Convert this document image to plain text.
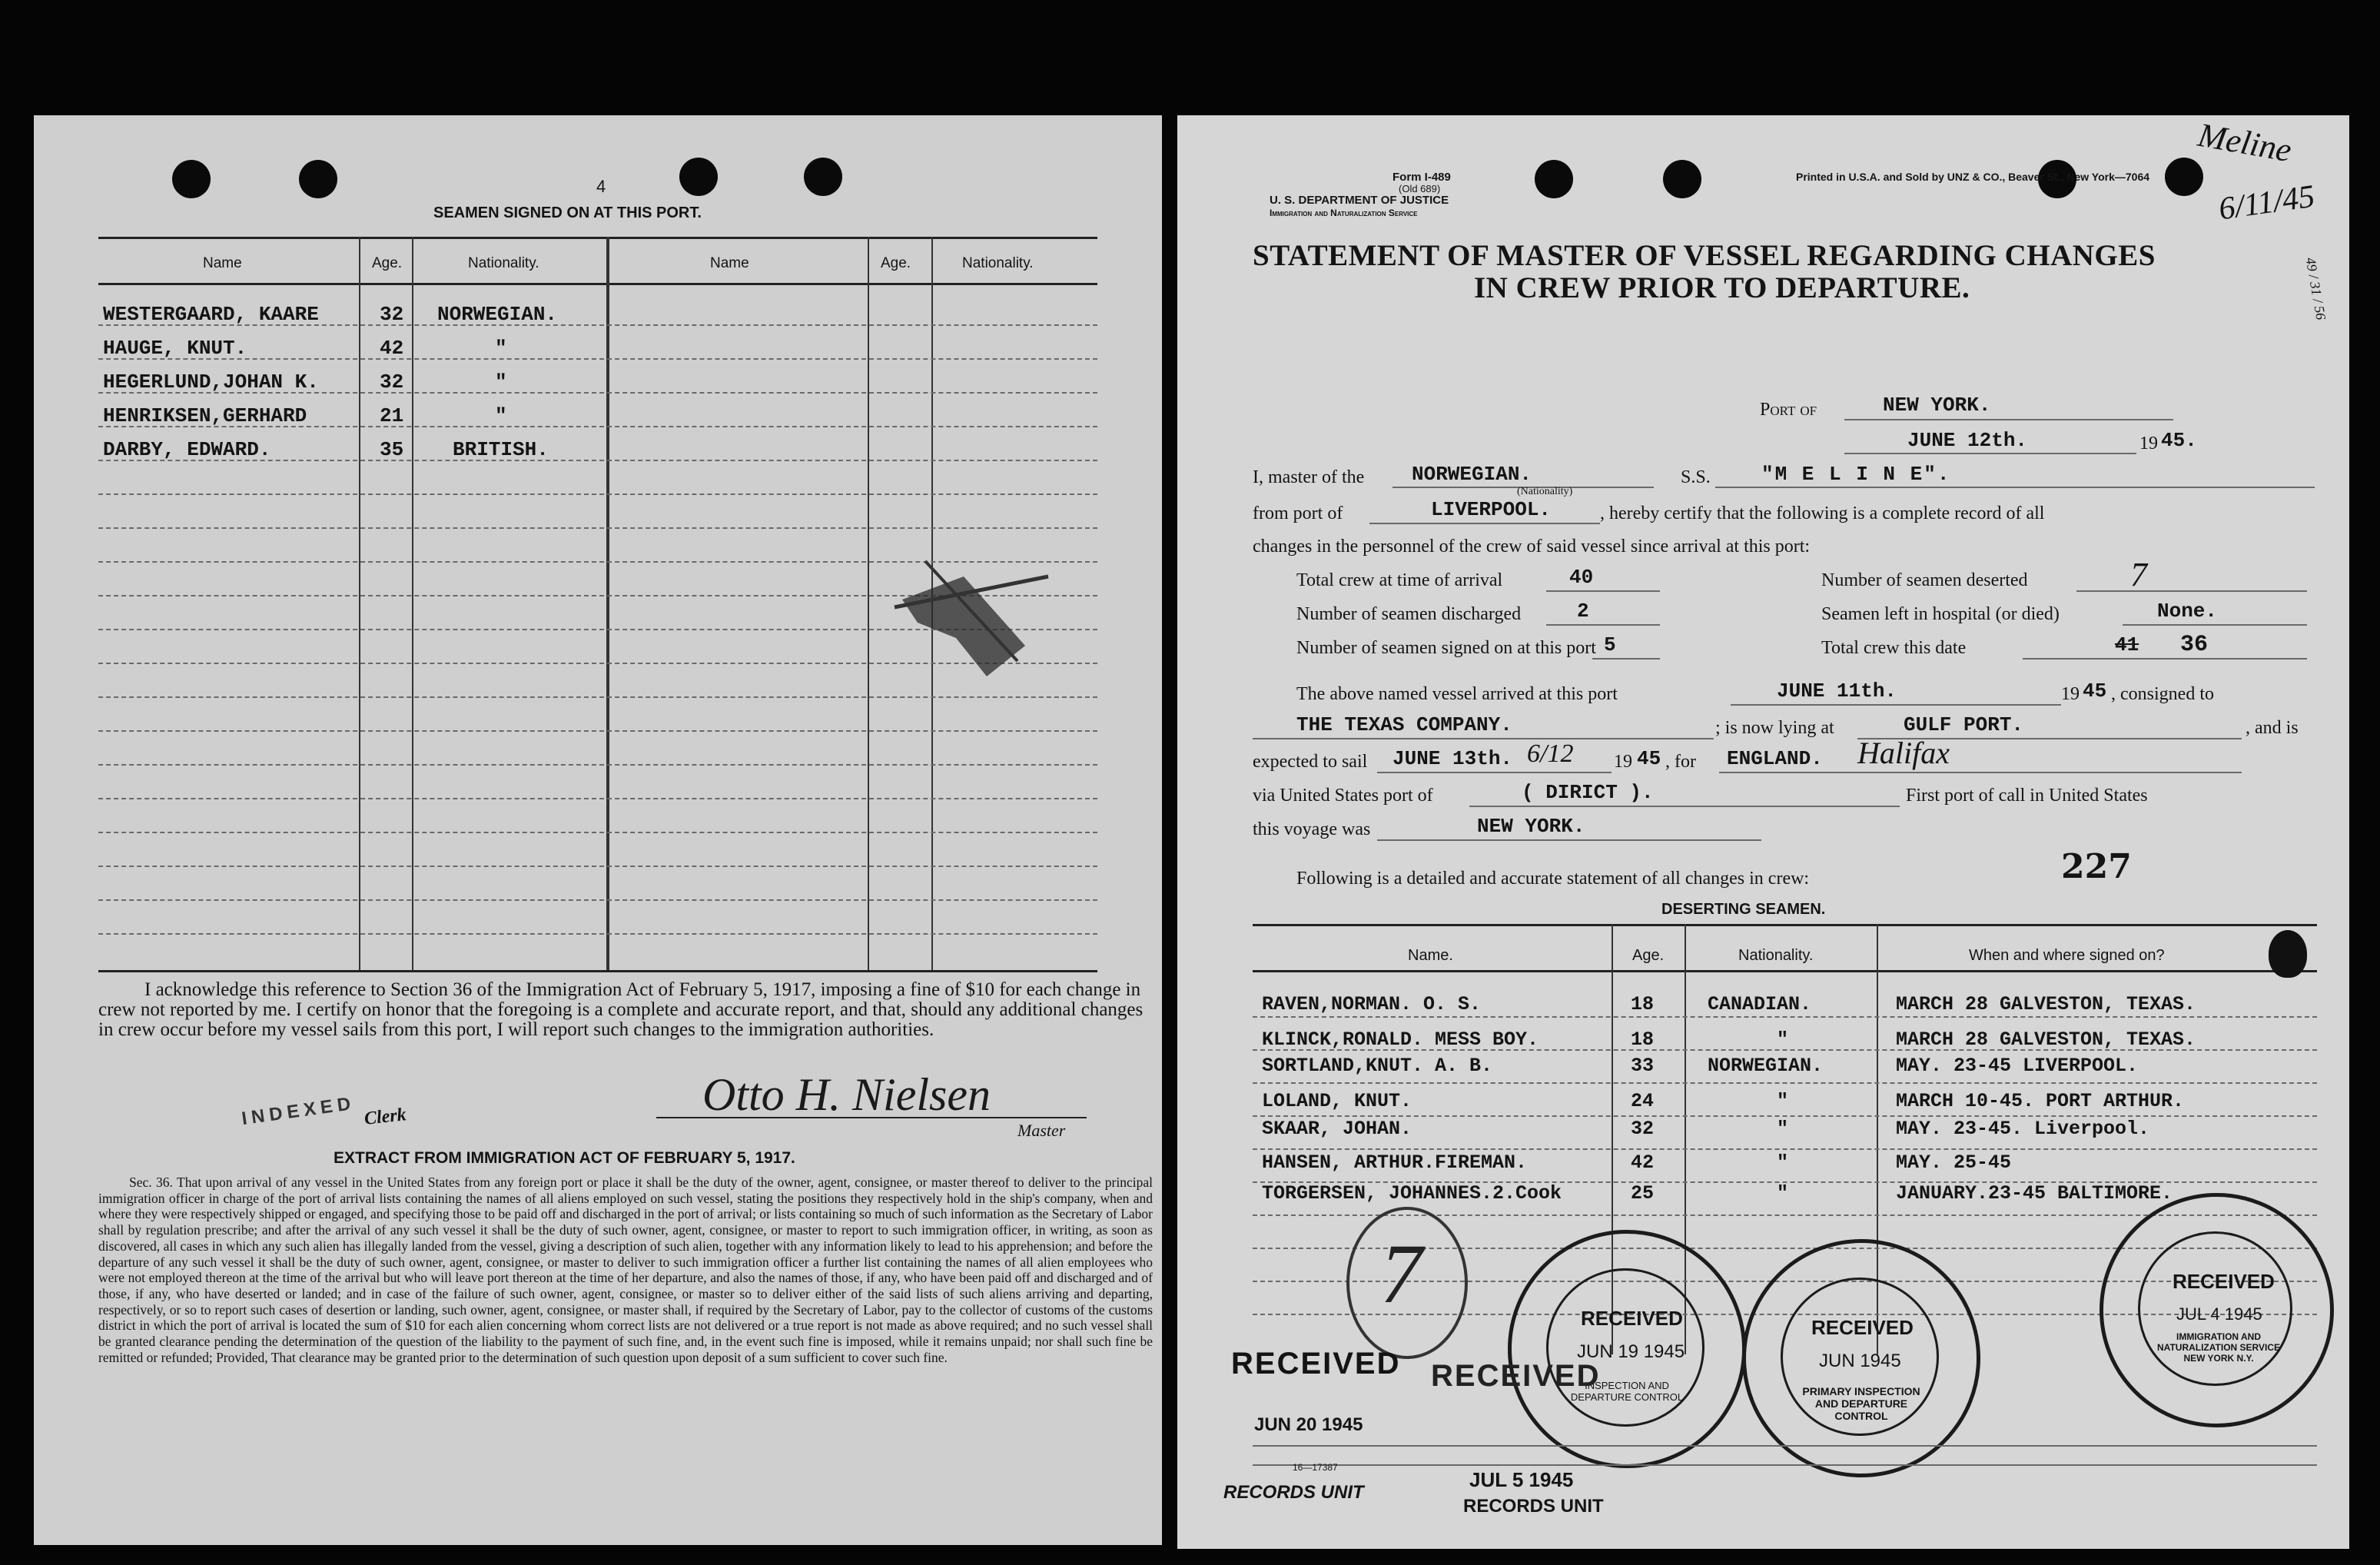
4
SEAMEN SIGNED ON AT THIS PORT.
Name	Age.	Nationality.	Name	Age.	Nationality.
WESTERGAARD, KAARE	32 NORWEGIAN.
HAUGE, KNUT.	42	"
HEGERLUND,JOHAN K.	32	"
HENRIKSEN,GERHARD	21	"
DARBY, EDWARD.	35 BRITISH.
I acknowledge this reference to Section 36 of the Immigration Act of February 5, 1917, imposing a fine of $10 for each change in crew not reported by me. I certify on honor that the foregoing is a complete and accurate report, and that, should any additional changes in crew occur before my vessel sails from this port, I will report such changes to the immigration authorities.
INDEXED Clerk	Otto H. Nielsen
Master
EXTRACT FROM IMMIGRATION ACT OF FEBRUARY 5, 1917.
Sec. 36. That upon arrival of any vessel in the United States from any foreign port or place it shall be the duty of the owner, agent, consignee, or master thereof to deliver to the principal immigration officer in charge of the port of arrival lists containing the names of all aliens employed on such vessel, stating the positions they respectively hold in the ship's company, when and where they were respectively shipped or engaged, and specifying those to be paid off and discharged in the port of arrival; or lists containing so much of such information as the Secretary of Labor shall by regulation prescribe; and after the arrival of any such vessel it shall be the duty of such owner, agent, consignee, or master to report to such immigration officer, in writing, as soon as discovered, all cases in which any such alien has illegally landed from the vessel, giving a description of such alien, together with any information likely to lead to his apprehension; and before the departure of any such vessel it shall be the duty of such owner, agent, consignee, or master to deliver to such immigration officer a further list containing the names of all alien employees who were not employed thereon at the time of the arrival but who will leave port thereon at the time of her departure, and also the names of those, if any, who have been paid off and discharged and of those, if any, who have deserted or landed; and in case of the failure of such owner, agent, consignee, or master so to deliver either of the said lists of such aliens arriving and departing, respectively, or so to report such cases of desertion or landing, such owner, agent, consignee, or master shall, if required by the Secretary of Labor, pay to the collector of customs of the customs district in which the port of arrival is located the sum of $10 for each alien concerning whom correct lists are not delivered or a true report is not made as above required; and no such vessel shall be granted clearance pending the determination of the question of the liability to the payment of such fine, and, in the event such fine is imposed, while it remains unpaid; nor shall such fine be remitted or refunded; Provided, That clearance may be granted prior to the determination of such question upon deposit of a sum sufficient to cover such fine.
Form I-489
(Old 689)
U. S. DEPARTMENT OF JUSTICE
Immigration and Naturalization Service
Printed in U.S.A. and Sold by UNZ & CO., Beaver St., New York—7064
Meline
6/11/45
49 / 31 / 56
STATEMENT OF MASTER OF VESSEL REGARDING CHANGES
IN CREW PRIOR TO DEPARTURE.
Port of	NEW YORK.
JUNE 12th.	19 45.
I, master of the NORWEGIAN.
(Nationality)
S.S.	"M E L I N E".
from port of	LIVERPOOL.	, hereby certify that the following is a complete record of all
changes in the personnel of the crew of said vessel since arrival at this port:
Total crew at time of arrival	40	Number of seamen deserted	7
Number of seamen discharged	2	Seamen left in hospital (or died)	None.
Number of seamen signed on at this port 5	Total crew this date	41 36
The above named vessel arrived at this port	JUNE 11th.	19 45 , consigned to
THE TEXAS COMPANY.	; is now lying at	GULF PORT.	, and is
expected to sail JUNE 13th. 6/12 19 45 , for ENGLAND. Halifax
via United States port of	( DIRICT ).	First port of call in United States
this voyage was	NEW YORK.
Following is a detailed and accurate statement of all changes in crew:	227
DESERTING SEAMEN.
Name.	Age.	Nationality.	When and where signed on?
RAVEN,NORMAN. O. S.	18	CANADIAN.	MARCH 28 GALVESTON, TEXAS.
KLINCK,RONALD. MESS BOY.	18	"	MARCH 28 GALVESTON, TEXAS.
SORTLAND,KNUT. A. B.	33	NORWEGIAN.	MAY. 23-45 LIVERPOOL.
LOLAND, KNUT.	24	"	MARCH 10-45. PORT ARTHUR.
SKAAR, JOHAN.	32	"	MAY. 23-45. Liverpool.
HANSEN, ARTHUR.FIREMAN.	42	"	MAY. 25-45
TORGERSEN, JOHANNES.2.Cook	25	"	JANUARY.23-45 BALTIMORE.
7	RECEIVED
JUN 19 1945
INSPECTION AND DEPARTURE CONTROL
RECEIVED
JUN 1945
PRIMARY INSPECTION AND DEPARTURE CONTROL
RECEIVED
JUL 4 1945
IMMIGRATION AND NATURALIZATION SERVICE NEW YORK N.Y.
RECEIVED RECEIVED
JUN 20 1945
16—17387
RECORDS UNIT
JUL 5 1945
RECORDS UNIT
